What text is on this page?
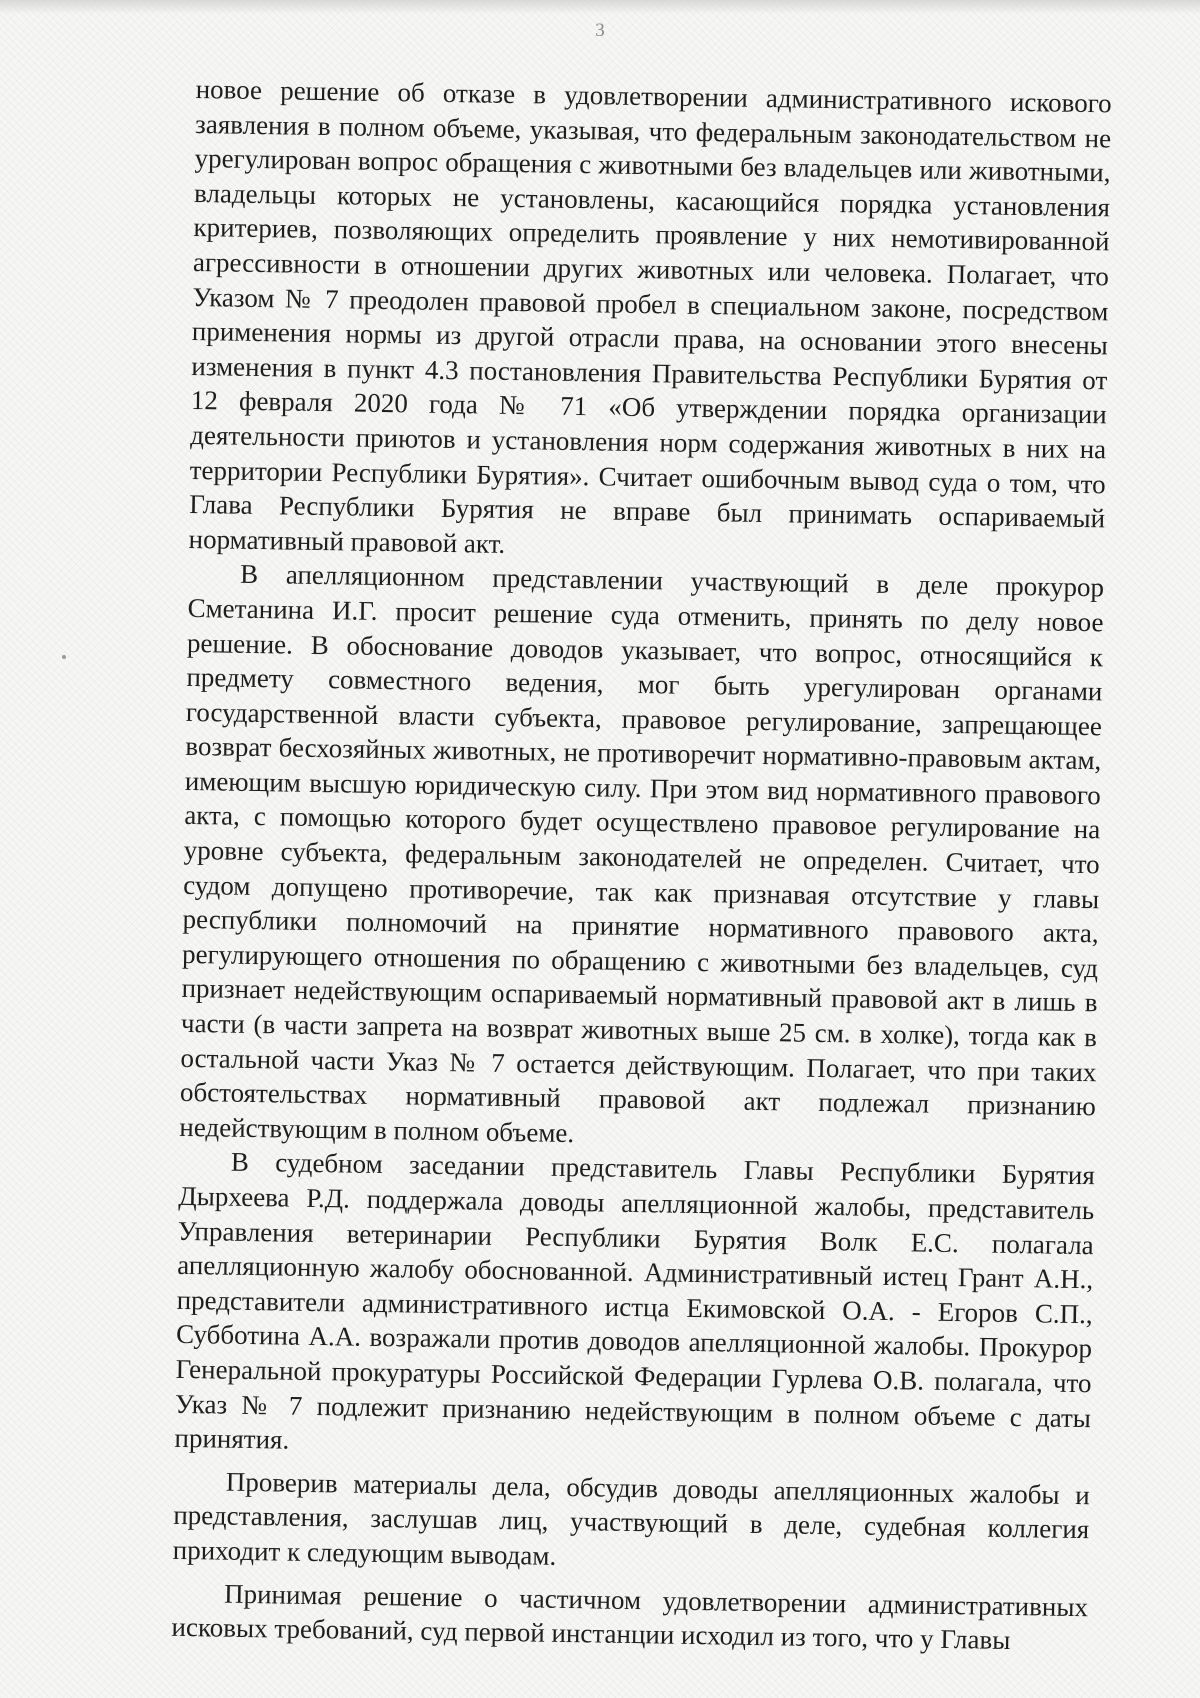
3

новое решение об отказе в удовлетворении административного искового заявления в полном объеме, указывая, что федеральным законодательством не урегулирован вопрос обращения с животными без владельцев или животными, владельцы которых не установлены, касающийся порядка установления критериев, позволяющих определить проявление у них немотивированной агрессивности в отношении других животных или человека. Полагает, что Указом № 7 преодолен правовой пробел в специальном законе, посредством применения нормы из другой отрасли права, на основании этого внесены изменения в пункт 4.3 постановления Правительства Республики Бурятия от 12 февраля 2020 года № 71 «Об утверждении порядка организации деятельности приютов и установления норм содержания животных в них на территории Республики Бурятия». Считает ошибочным вывод суда о том, что Глава Республики Бурятия не вправе был принимать оспариваемый нормативный правовой акт.

В апелляционном представлении участвующий в деле прокурор Сметанина И.Г. просит решение суда отменить, принять по делу новое решение. В обоснование доводов указывает, что вопрос, относящийся к предмету совместного ведения, мог быть урегулирован органами государственной власти субъекта, правовое регулирование, запрещающее возврат бесхозяйных животных, не противоречит нормативно-правовым актам, имеющим высшую юридическую силу. При этом вид нормативного правового акта, с помощью которого будет осуществлено правовое регулирование на уровне субъекта, федеральным законодателей не определен. Считает, что судом допущено противоречие, так как признавая отсутствие у главы республики полномочий на принятие нормативного правового акта, регулирующего отношения по обращению с животными без владельцев, суд признает недействующим оспариваемый нормативный правовой акт в лишь в части (в части запрета на возврат животных выше 25 см. в холке), тогда как в остальной части Указ № 7 остается действующим. Полагает, что при таких обстоятельствах нормативный правовой акт подлежал признанию недействующим в полном объеме.

В судебном заседании представитель Главы Республики Бурятия Дырхеева Р.Д. поддержала доводы апелляционной жалобы, представитель Управления ветеринарии Республики Бурятия Волк Е.С. полагала апелляционную жалобу обоснованной. Административный истец Грант А.Н., представители административного истца Екимовской О.А. - Егоров С.П., Субботина А.А. возражали против доводов апелляционной жалобы. Прокурор Генеральной прокуратуры Российской Федерации Гурлева О.В. полагала, что Указ № 7 подлежит признанию недействующим в полном объеме с даты принятия.

Проверив материалы дела, обсудив доводы апелляционных жалобы и представления, заслушав лиц, участвующий в деле, судебная коллегия приходит к следующим выводам.

Принимая решение о частичном удовлетворении административных исковых требований, суд первой инстанции исходил из того, что у Главы
